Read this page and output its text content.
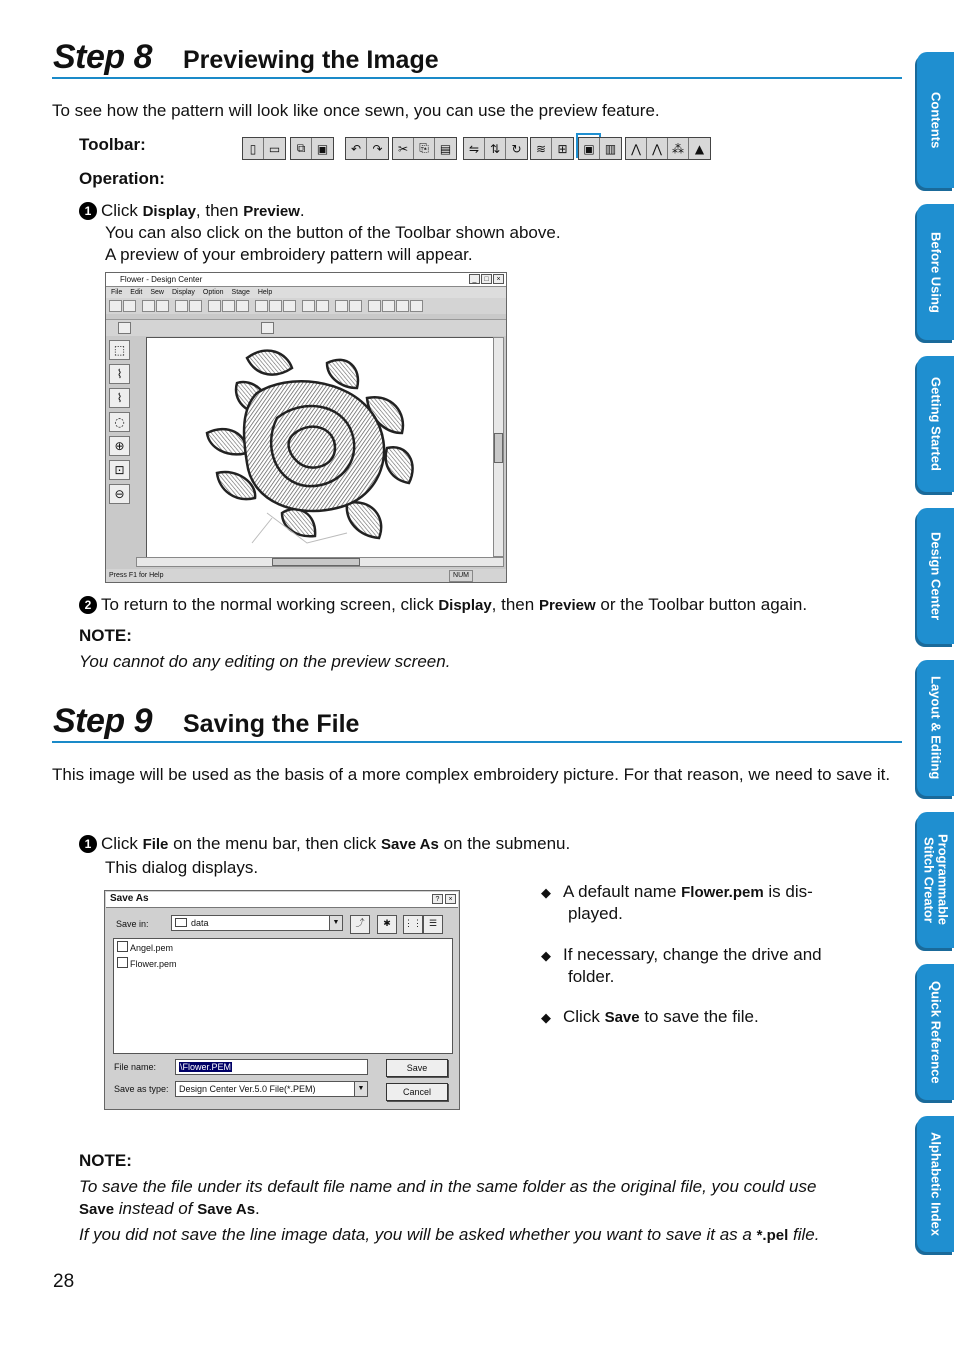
Step 8 Previewing the Image
To see how the pattern will look like once sewn, you can use the preview feature.
Toolbar:	▯	▭	⧉ ▣	↶ ↷	✂ ⎘ ▤	⇋ ⇅ ↻	≋ ⊞	▣ ▥	⋀ ⋀ ⁂ ▲
Operation:
1 Click Display, then Preview.
You can also click on the button of the Toolbar shown above.
A preview of your embroidery pattern will appear.
Flower - Design Center	_	□	×
File Edit Sew Display Option Stage Help
⬚
⌇
⌇
◌
⊕
⊡
⊖
Press F1 for Help	NUM
2 To return to the normal working screen, click Display, then Preview or the Toolbar button again.
NOTE:
You cannot do any editing on the preview screen.
Step 9 Saving the File
This image will be used as the basis of a more complex embroidery picture. For that reason, we need to save it.
1 Click File on the menu bar, then click Save As on the submenu.
This dialog displays.
Save As	?	×
Save in:	data	▼	⤴	✱	⋮⋮ ☰
Angel.pem
Flower.pem
File name:	\Flower.PEM
Save as type:	Design Center Ver.5.0 File(*.PEM)	▼
Save
Cancel
◆ A default name Flower.pem is dis-
played.
◆ If necessary, change the drive and
folder.
◆ Click Save to save the file.
NOTE:
To save the file under its default file name and in the same folder as the original file, you could use
Save instead of Save As.
If you did not save the line image data, you will be asked whether you want to save it as a *.pel file.
28
Contents
Before Using
Getting Started
Design Center
Layout & Editing
Programmable Stitch Creator
Quick Reference
Alphabetic Index
